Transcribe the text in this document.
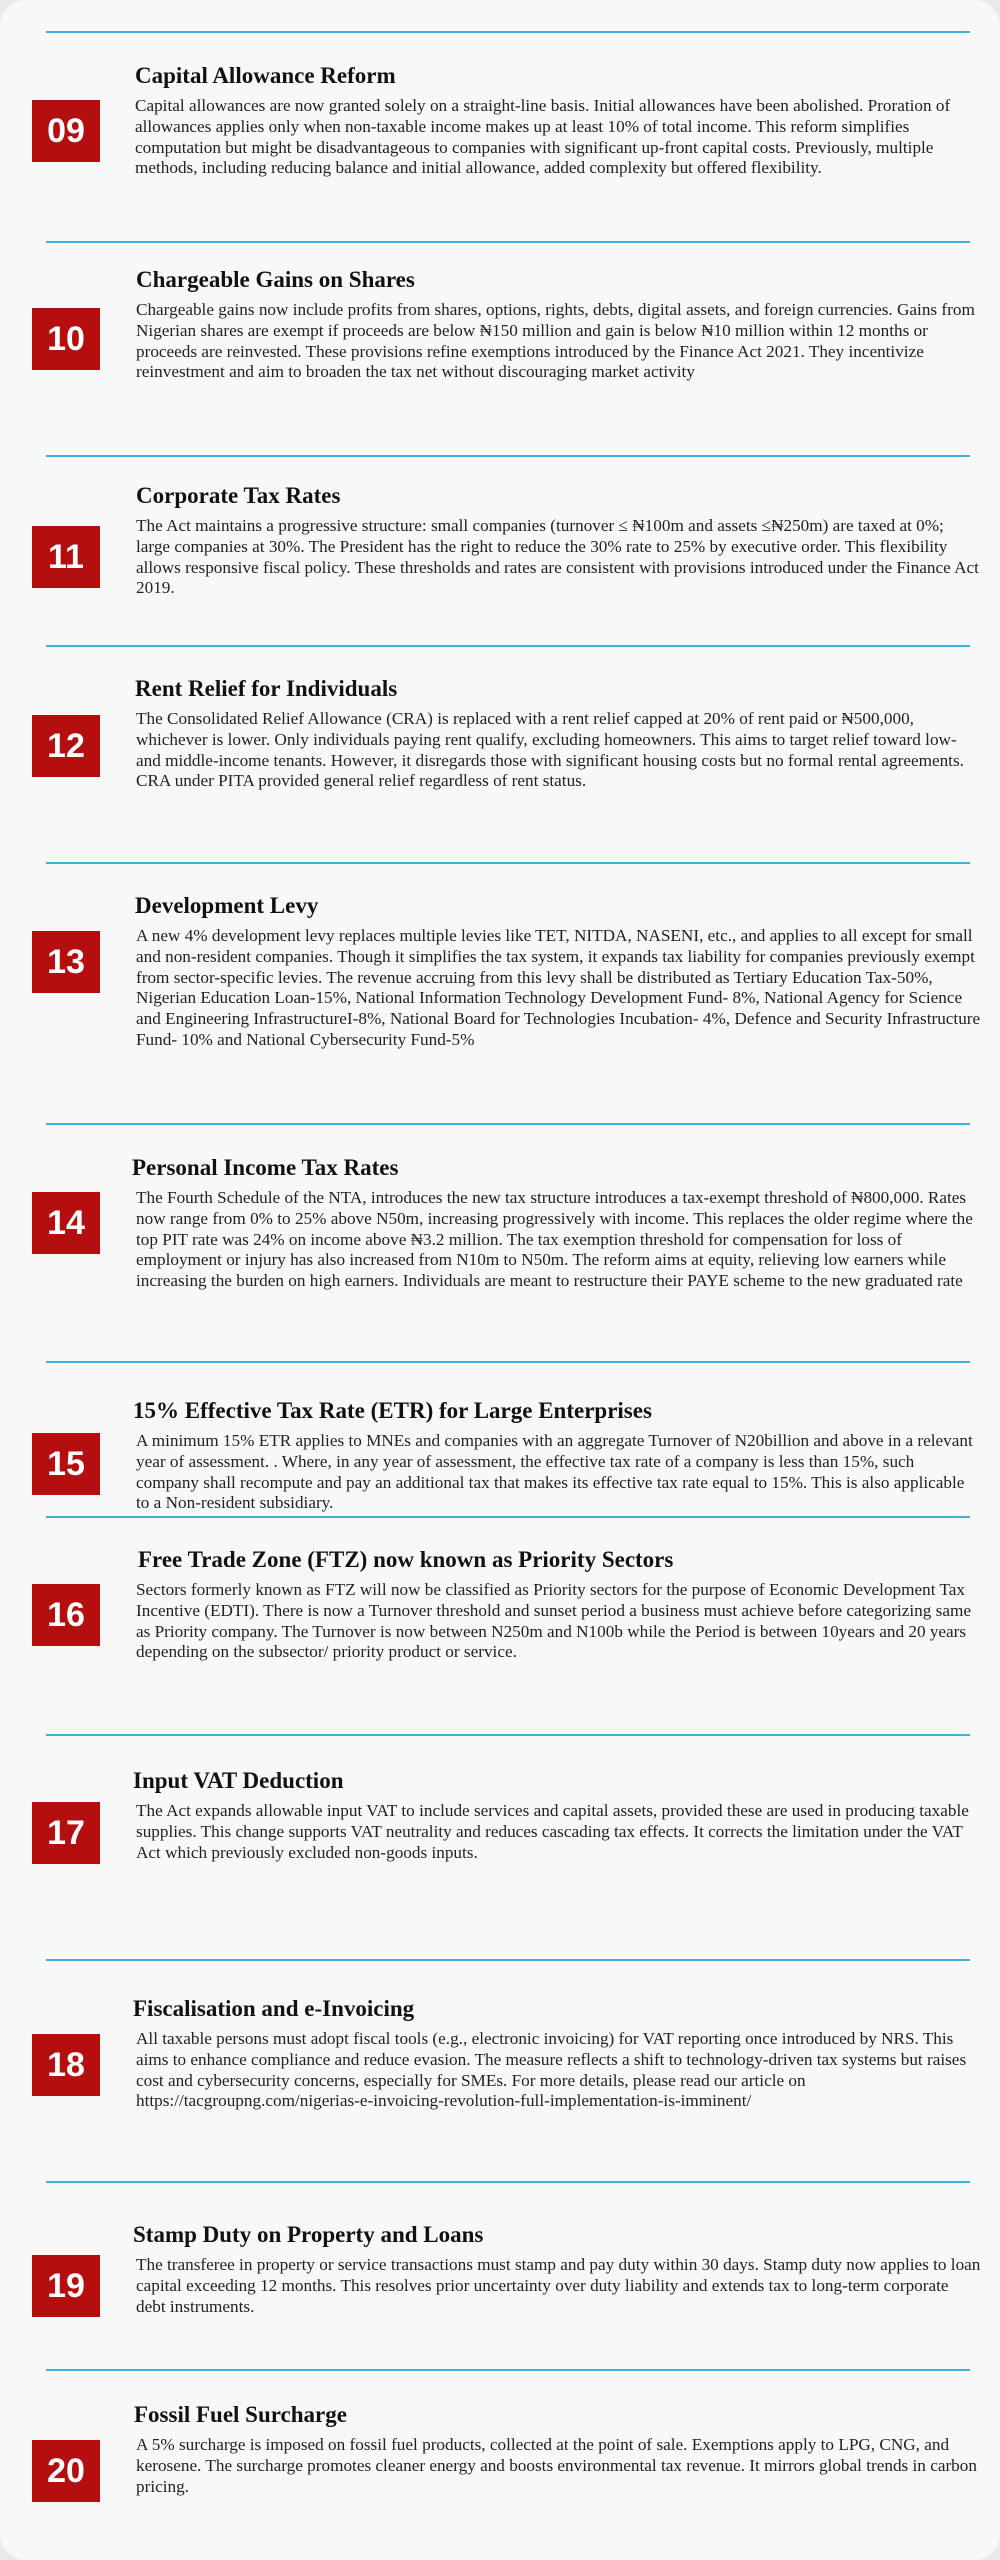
09
Capital Allowance Reform
Capital allowances are now granted solely on a straight-line basis. Initial allowances have been abolished. Proration of allowances applies only when non-taxable income makes up at least 10% of total income. This reform simplifies computation but might be disadvantageous to companies with significant up-front capital costs. Previously, multiple methods, including reducing balance and initial allowance, added complexity but offered flexibility.
10
Chargeable Gains on Shares
Chargeable gains now include profits from shares, options, rights, debts, digital assets, and foreign currencies. Gains from Nigerian shares are exempt if proceeds are below ₦150 million and gain is below ₦10 million within 12 months or proceeds are reinvested. These provisions refine exemptions introduced by the Finance Act 2021. They incentivize reinvestment and aim to broaden the tax net without discouraging market activity
11
Corporate Tax Rates
The Act maintains a progressive structure: small companies (turnover ≤ ₦100m and assets ≤₦250m) are taxed at 0%; large companies at 30%. The President has the right to reduce the 30% rate to 25% by executive order. This flexibility allows responsive fiscal policy. These thresholds and rates are consistent with provisions introduced under the Finance Act 2019.
12
Rent Relief for Individuals
The Consolidated Relief Allowance (CRA) is replaced with a rent relief capped at 20% of rent paid or ₦500,000, whichever is lower. Only individuals paying rent qualify, excluding homeowners. This aims to target relief toward low- and middle-income tenants. However, it disregards those with significant housing costs but no formal rental agreements. CRA under PITA provided general relief regardless of rent status.
13
Development Levy
A new 4% development levy replaces multiple levies like TET, NITDA, NASENI, etc., and applies to all except for small and non-resident companies. Though it simplifies the tax system, it expands tax liability for companies previously exempt from sector-specific levies. The revenue accruing from this levy shall be distributed as Tertiary Education Tax-50%, Nigerian Education Loan-15%, National Information Technology Development Fund- 8%, National Agency for Science and Engineering InfrastructureI-8%, National Board for Technologies Incubation- 4%, Defence and Security Infrastructure Fund- 10% and National Cybersecurity Fund-5%
14
Personal Income Tax Rates
The Fourth Schedule of the NTA, introduces the new tax structure introduces a tax-exempt threshold of ₦800,000. Rates now range from 0% to 25% above N50m, increasing progressively with income. This replaces the older regime where the top PIT rate was 24% on income above ₦3.2 million. The tax exemption threshold for compensation for loss of employment or injury has also increased from N10m to N50m. The reform aims at equity, relieving low earners while increasing the burden on high earners. Individuals are meant to restructure their PAYE scheme to the new graduated rate
15
15% Effective Tax Rate (ETR) for Large Enterprises
A minimum 15% ETR applies to MNEs and companies with an aggregate Turnover of N20billion and above in a relevant year of assessment. . Where, in any year of assessment, the effective tax rate of a company is less than 15%, such company shall recompute and pay an additional tax that makes its effective tax rate equal to 15%. This is also applicable to a Non-resident subsidiary.
16
Free Trade Zone (FTZ) now known as Priority Sectors
Sectors formerly known as FTZ will now be classified as Priority sectors for the purpose of Economic Development Tax Incentive (EDTI). There is now a Turnover threshold and sunset period a business must achieve before categorizing same as Priority company. The Turnover is now between N250m and N100b while the Period is between 10years and 20 years depending on the subsector/ priority product or service.
17
Input VAT Deduction
The Act expands allowable input VAT to include services and capital assets, provided these are used in producing taxable supplies. This change supports VAT neutrality and reduces cascading tax effects. It corrects the limitation under the VAT Act which previously excluded non-goods inputs.
18
Fiscalisation and e-Invoicing
All taxable persons must adopt fiscal tools (e.g., electronic invoicing) for VAT reporting once introduced by NRS. This aims to enhance compliance and reduce evasion. The measure reflects a shift to technology-driven tax systems but raises cost and cybersecurity concerns, especially for SMEs. For more details, please read our article on https://tacgroupng.com/nigerias-e-invoicing-revolution-full-implementation-is-imminent/
19
Stamp Duty on Property and Loans
The transferee in property or service transactions must stamp and pay duty within 30 days. Stamp duty now applies to loan capital exceeding 12 months. This resolves prior uncertainty over duty liability and extends tax to long-term corporate debt instruments.
20
Fossil Fuel Surcharge
A 5% surcharge is imposed on fossil fuel products, collected at the point of sale. Exemptions apply to LPG, CNG, and kerosene. The surcharge promotes cleaner energy and boosts environmental tax revenue. It mirrors global trends in carbon pricing.
